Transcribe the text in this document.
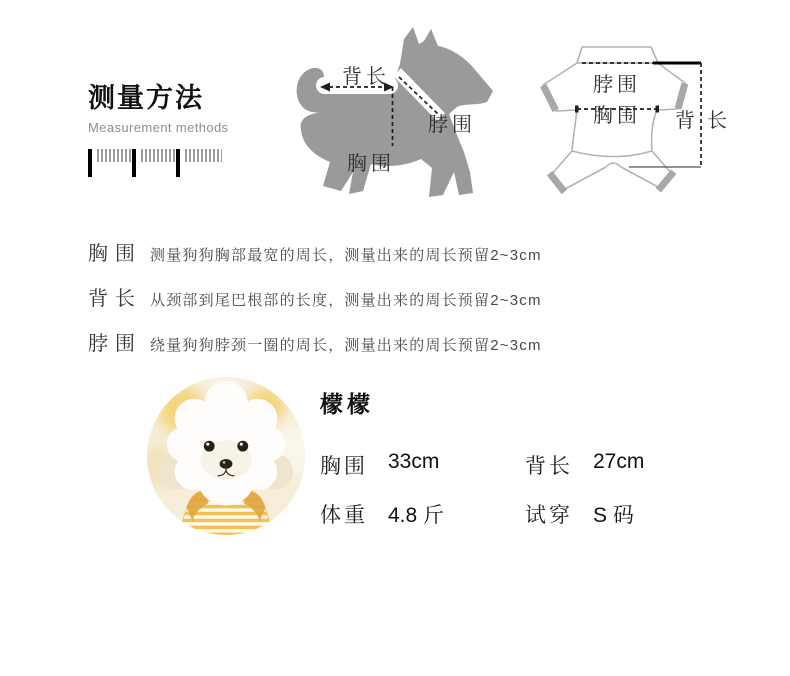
测量方法
Measurement methods
背长
脖围
胸围
脖围
胸围 背长
胸围 测量狗狗胸部最宽的周长，测量出来的周长预留2~3cm
背长 从颈部到尾巴根部的长度，测量出来的周长预留2~3cm
脖围 绕量狗狗脖颈一圈的周长，测量出来的周长预留2~3cm
檬檬
胸围 33cm	背长 27cm
体重 4.8 斤	试穿 S 码
